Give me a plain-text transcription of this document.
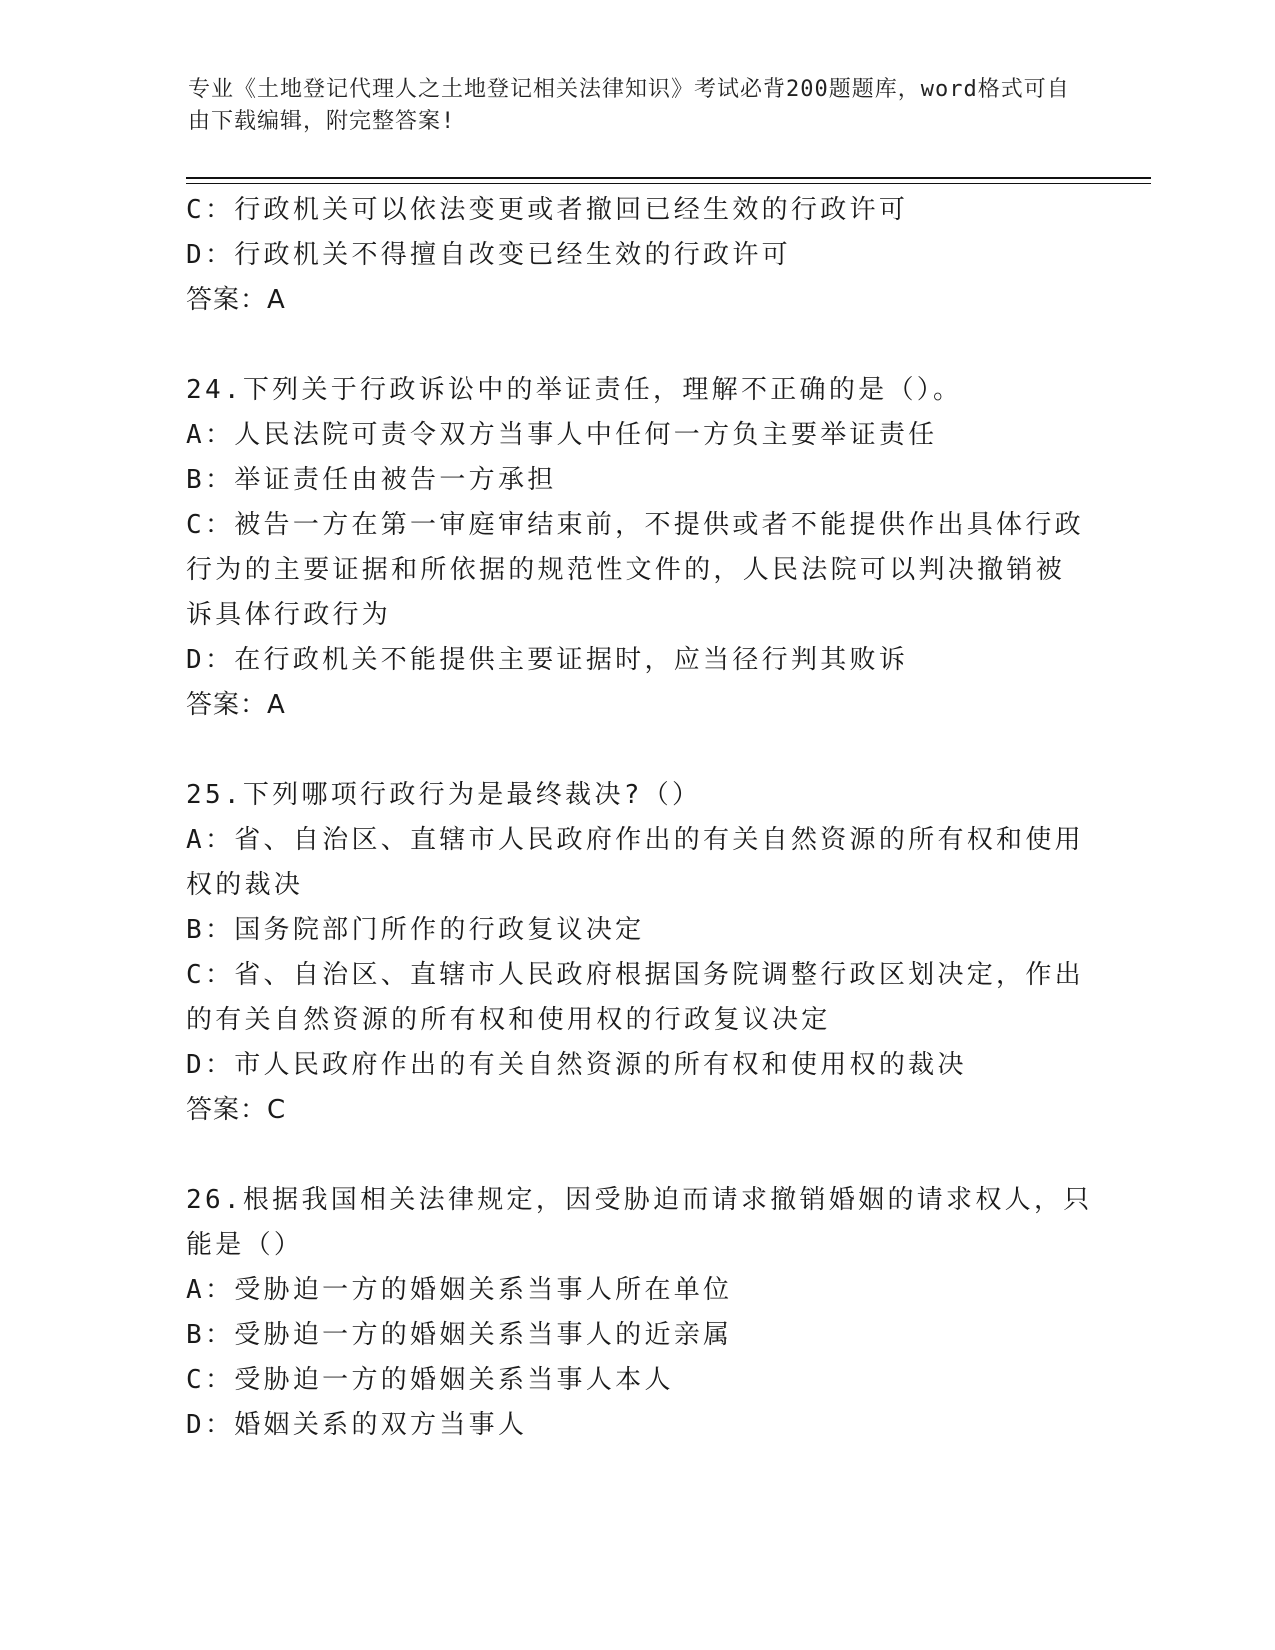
专业《土地登记代理人之土地登记相关法律知识》考试必背200题题库，word格式可自由下载编辑，附完整答案!
C：行政机关可以依法变更或者撤回已经生效的行政许可
D：行政机关不得擅自改变已经生效的行政许可
答案：A
24.下列关于行政诉讼中的举证责任，理解不正确的是（）。
A：人民法院可责令双方当事人中任何一方负主要举证责任
B：举证责任由被告一方承担
C：被告一方在第一审庭审结束前，不提供或者不能提供作出具体行政
行为的主要证据和所依据的规范性文件的，人民法院可以判决撤销被
诉具体行政行为
D：在行政机关不能提供主要证据时，应当径行判其败诉
答案：A
25.下列哪项行政行为是最终裁决?（）
A：省、自治区、直辖市人民政府作出的有关自然资源的所有权和使用
权的裁决
B：国务院部门所作的行政复议决定
C：省、自治区、直辖市人民政府根据国务院调整行政区划决定，作出
的有关自然资源的所有权和使用权的行政复议决定
D：市人民政府作出的有关自然资源的所有权和使用权的裁决
答案：C
26.根据我国相关法律规定，因受胁迫而请求撤销婚姻的请求权人，只
能是（）
A：受胁迫一方的婚姻关系当事人所在单位
B：受胁迫一方的婚姻关系当事人的近亲属
C：受胁迫一方的婚姻关系当事人本人
D：婚姻关系的双方当事人
